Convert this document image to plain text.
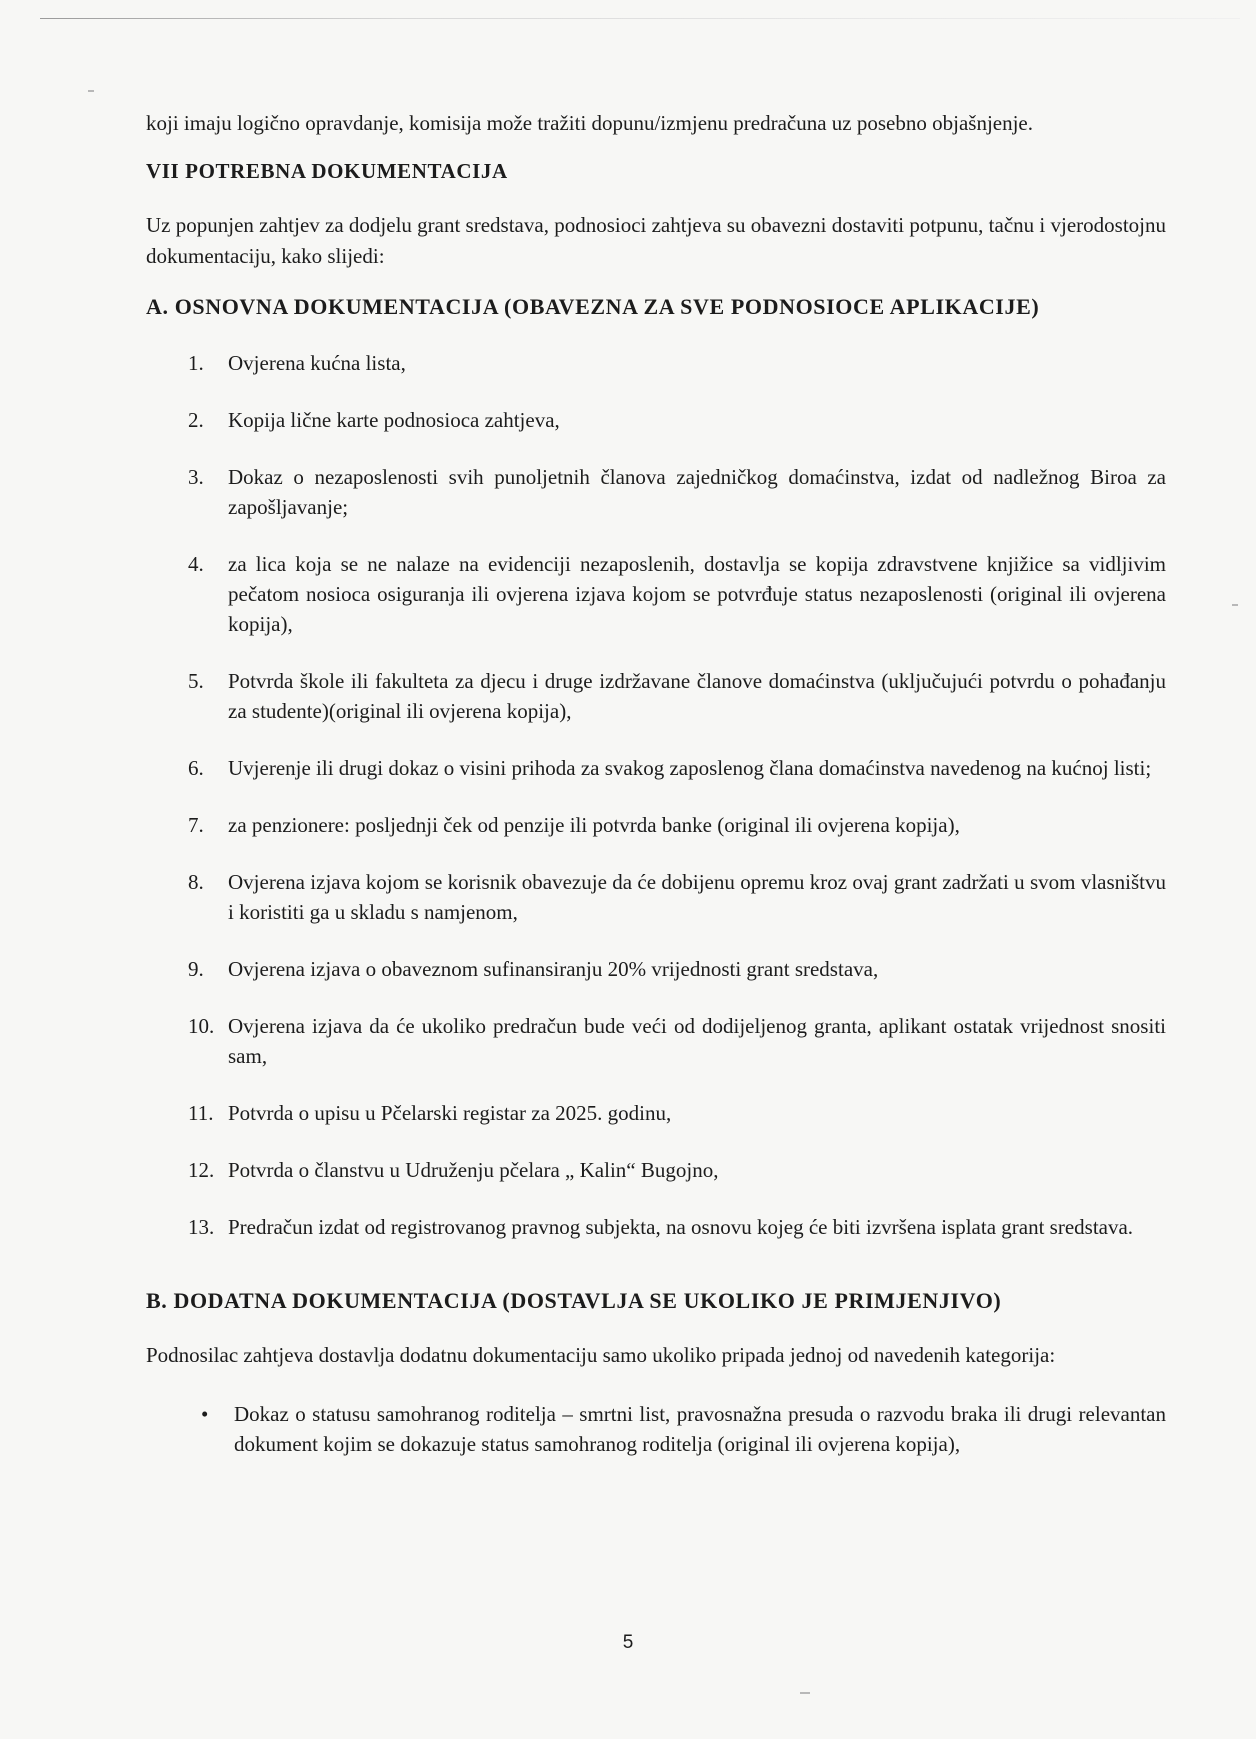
koji imaju logično opravdanje, komisija može tražiti dopunu/izmjenu predračuna uz posebno objašnjenje.

VII POTREBNA DOKUMENTACIJA

Uz popunjen zahtjev za dodjelu grant sredstava, podnosioci zahtjeva su obavezni dostaviti potpunu, tačnu i vjerodostojnu dokumentaciju, kako slijedi:

A. OSNOVNA DOKUMENTACIJA (OBAVEZNA ZA SVE PODNOSIOCE APLIKACIJE)

1. Ovjerena kućna lista,
2. Kopija lične karte podnosioca zahtjeva,
3. Dokaz o nezaposlenosti svih punoljetnih članova zajedničkog domaćinstva, izdat od nadležnog Biroa za zapošljavanje;
4. za lica koja se ne nalaze na evidenciji nezaposlenih, dostavlja se kopija zdravstvene knjižice sa vidljivim pečatom nosioca osiguranja ili ovjerena izjava kojom se potvrđuje status nezaposlenosti (original ili ovjerena kopija),
5. Potvrda škole ili fakulteta za djecu i druge izdržavane članove domaćinstva (uključujući potvrdu o pohađanju za studente)(original ili ovjerena kopija),
6. Uvjerenje ili drugi dokaz o visini prihoda za svakog zaposlenog člana domaćinstva navedenog na kućnoj listi;
7. za penzionere: posljednji ček od penzije ili potvrda banke (original ili ovjerena kopija),
8. Ovjerena izjava kojom se korisnik obavezuje da će dobijenu opremu kroz ovaj grant zadržati u svom vlasništvu i koristiti ga u skladu s namjenom,
9. Ovjerena izjava o obaveznom sufinansiranju 20% vrijednosti grant sredstava,
10. Ovjerena izjava da će ukoliko predračun bude veći od dodijeljenog granta, aplikant ostatak vrijednost snositi sam,
11. Potvrda o upisu u Pčelarski registar za 2025. godinu,
12. Potvrda o članstvu u Udruženju pčelara „ Kalin“ Bugojno,
13. Predračun izdat od registrovanog pravnog subjekta, na osnovu kojeg će biti izvršena isplata grant sredstava.

B. DODATNA DOKUMENTACIJA (DOSTAVLJA SE UKOLIKO JE PRIMJENJIVO)

Podnosilac zahtjeva dostavlja dodatnu dokumentaciju samo ukoliko pripada jednoj od navedenih kategorija:

• Dokaz o statusu samohranog roditelja – smrtni list, pravosnažna presuda o razvodu braka ili drugi relevantan dokument kojim se dokazuje status samohranog roditelja (original ili ovjerena kopija),
5
